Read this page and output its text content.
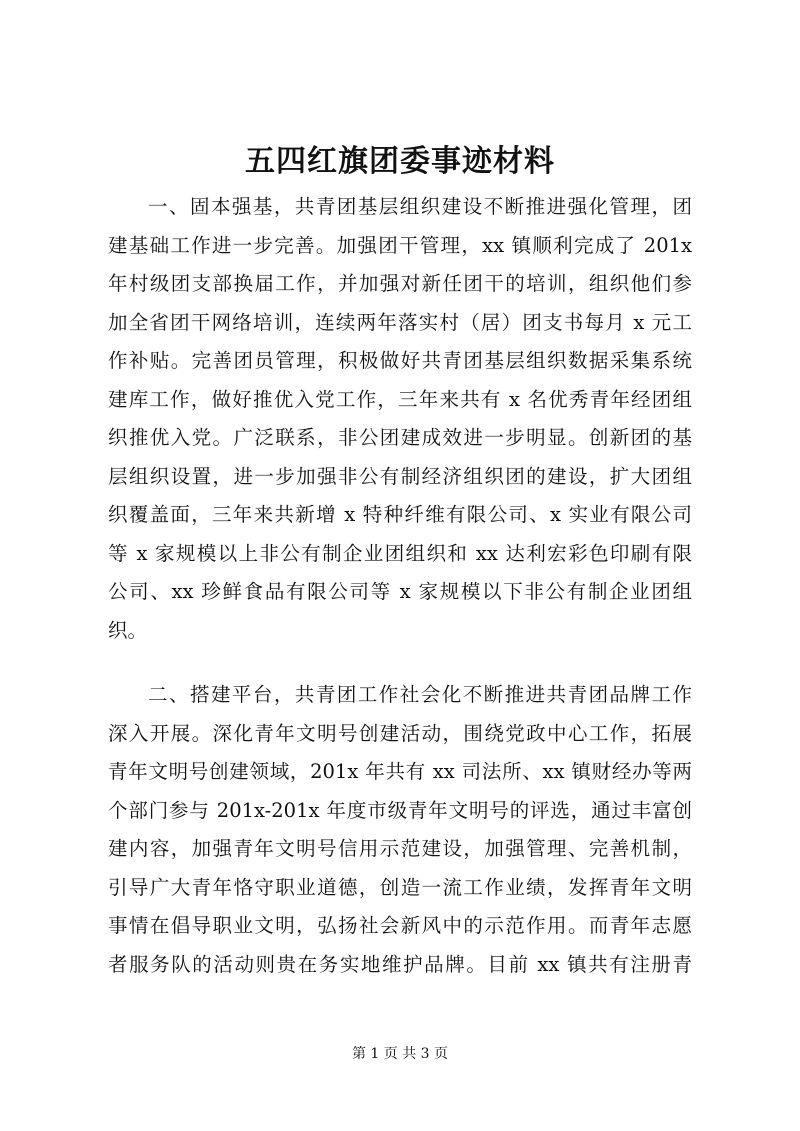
五四红旗团委事迹材料
一、固本强基，共青团基层组织建设不断推进强化管理，团
建基础工作进一步完善。加强团干管理，xx 镇顺利完成了 201x
年村级团支部换届工作，并加强对新任团干的培训，组织他们参
加全省团干网络培训，连续两年落实村（居）团支书每月 x 元工
作补贴。完善团员管理，积极做好共青团基层组织数据采集系统
建库工作，做好推优入党工作，三年来共有 x 名优秀青年经团组
织推优入党。广泛联系，非公团建成效进一步明显。创新团的基
层组织设置，进一步加强非公有制经济组织团的建设，扩大团组
织覆盖面，三年来共新增 x 特种纤维有限公司、x 实业有限公司
等 x 家规模以上非公有制企业团组织和 xx 达利宏彩色印刷有限
公司、xx 珍鲜食品有限公司等 x 家规模以下非公有制企业团组
织。
二、搭建平台，共青团工作社会化不断推进共青团品牌工作
深入开展。深化青年文明号创建活动，围绕党政中心工作，拓展
青年文明号创建领域，201x 年共有 xx 司法所、xx 镇财经办等两
个部门参与 201x-201x 年度市级青年文明号的评选，通过丰富创
建内容，加强青年文明号信用示范建设，加强管理、完善机制，
引导广大青年恪守职业道德，创造一流工作业绩，发挥青年文明
事情在倡导职业文明，弘扬社会新风中的示范作用。而青年志愿
者服务队的活动则贵在务实地维护品牌。目前 xx 镇共有注册青
第 1 页 共 3 页
